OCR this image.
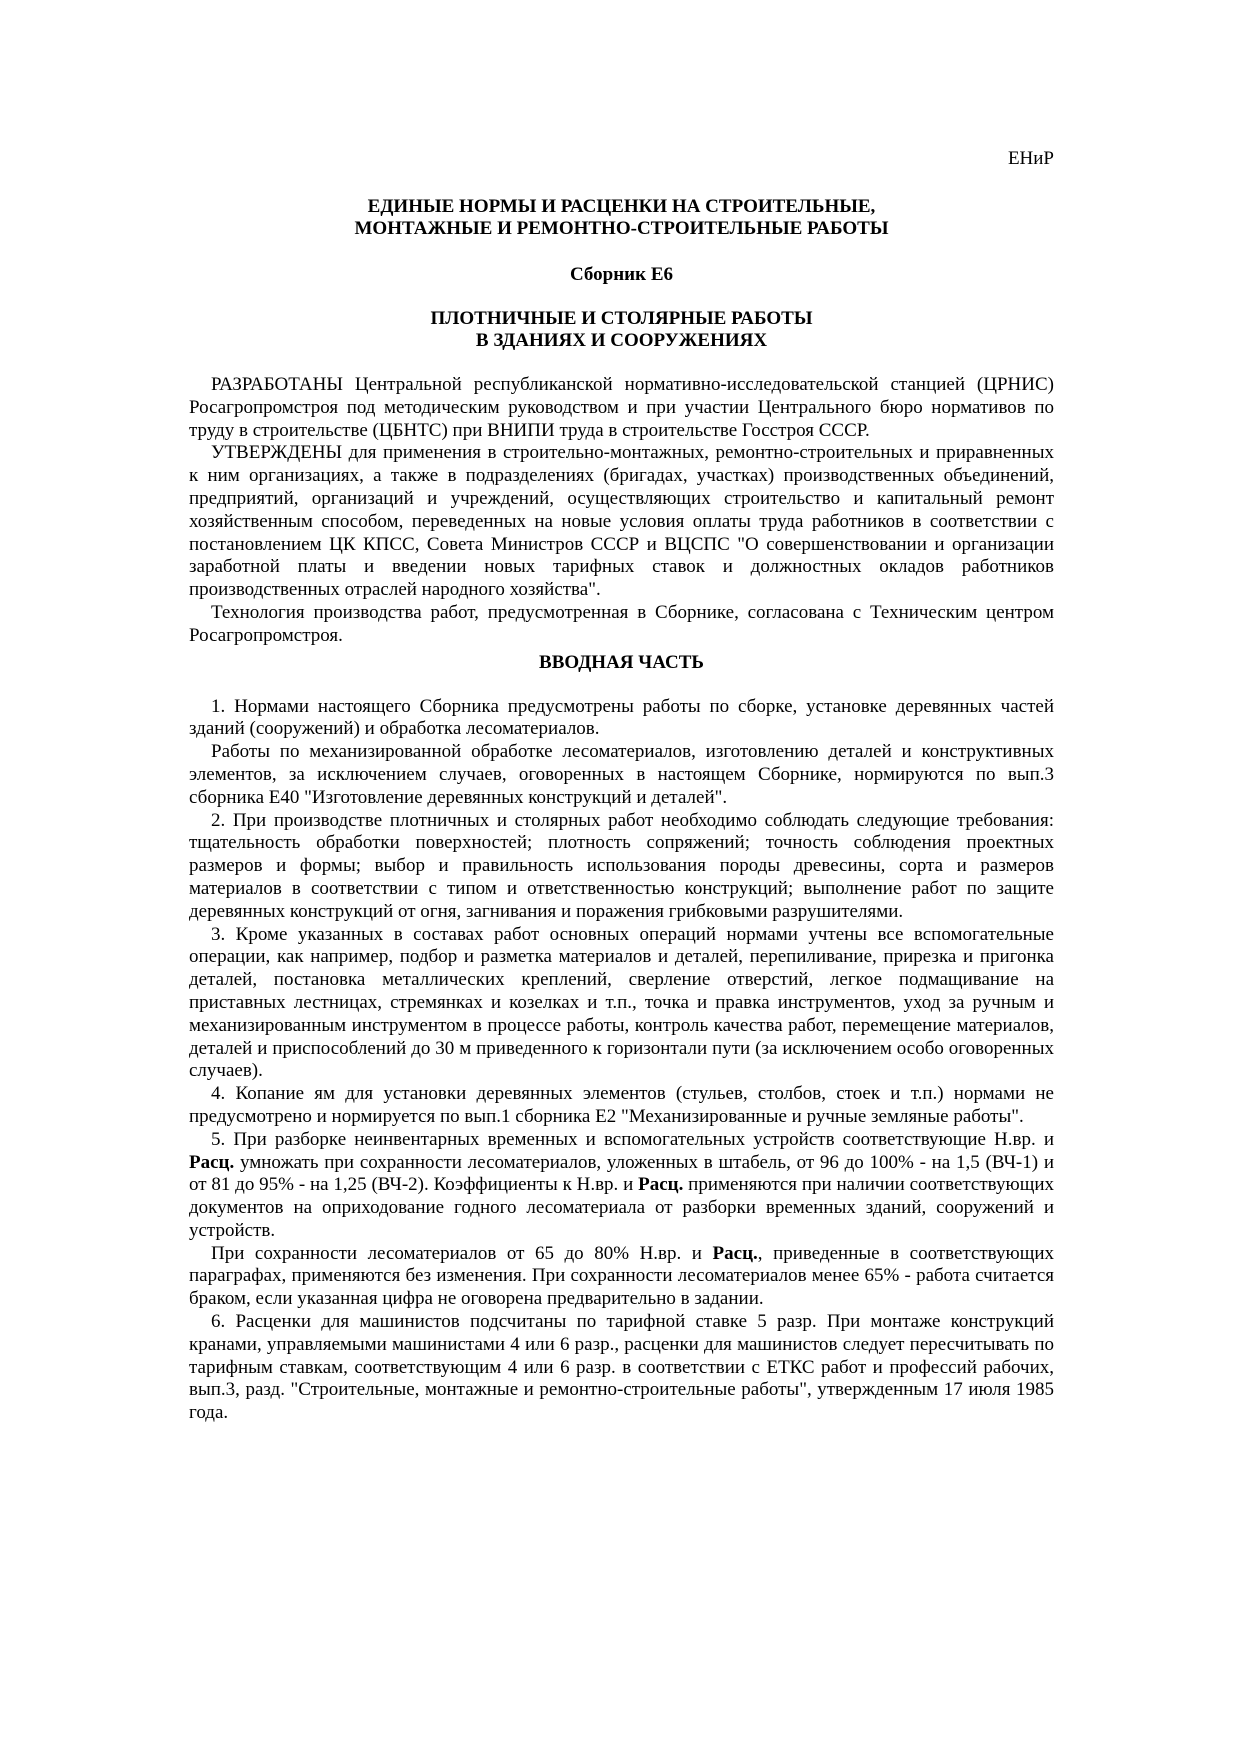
ЕНиР

ЕДИНЫЕ НОРМЫ И РАСЦЕНКИ НА СТРОИТЕЛЬНЫЕ,

МОНТАЖНЫЕ И РЕМОНТНО-СТРОИТЕЛЬНЫЕ РАБОТЫ

Сборник Е6

ПЛОТНИЧНЫЕ И СТОЛЯРНЫЕ РАБОТЫ

В ЗДАНИЯХ И СООРУЖЕНИЯХ

РАЗРАБОТАНЫ Центральной республиканской нормативно-исследовательской станцией (ЦРНИС) Росагропромстроя под методическим руководством и при участии Центрального бюро нормативов по труду в строительстве (ЦБНТС) при ВНИПИ труда в строительстве Госстроя СССР.

УТВЕРЖДЕНЫ для применения в строительно-монтажных, ремонтно-строительных и приравненных к ним организациях, а также в подразделениях (бригадах, участках) производственных объединений, предприятий, организаций и учреждений, осуществляющих строительство и капитальный ремонт хозяйственным способом, переведенных на новые условия оплаты труда работников в соответствии с постановлением ЦК КПСС, Совета Министров СССР и ВЦСПС "О совершенствовании и организации заработной платы и введении новых тарифных ставок и должностных окладов работников производственных отраслей народного хозяйства".

Технология производства работ, предусмотренная в Сборнике, согласована с Техническим центром Росагропромстроя.

ВВОДНАЯ ЧАСТЬ

1. Нормами настоящего Сборника предусмотрены работы по сборке, установке деревянных частей зданий (сооружений) и обработка лесоматериалов.

Работы по механизированной обработке лесоматериалов, изготовлению деталей и конструктивных элементов, за исключением случаев, оговоренных в настоящем Сборнике, нормируются по вып.3 сборника Е40 "Изготовление деревянных конструкций и деталей".

2. При производстве плотничных и столярных работ необходимо соблюдать следующие требования: тщательность обработки поверхностей; плотность сопряжений; точность соблюдения проектных размеров и формы; выбор и правильность использования породы древесины, сорта и размеров материалов в соответствии с типом и ответственностью конструкций; выполнение работ по защите деревянных конструкций от огня, загнивания и поражения грибковыми разрушителями.

3. Кроме указанных в составах работ основных операций нормами учтены все вспомогательные операции, как например, подбор и разметка материалов и деталей, перепиливание, прирезка и пригонка деталей, постановка металлических креплений, сверление отверстий, легкое подмащивание на приставных лестницах, стремянках и козелках и т.п., точка и правка инструментов, уход за ручным и механизированным инструментом в процессе работы, контроль качества работ, перемещение материалов, деталей и приспособлений до 30 м приведенного к горизонтали пути (за исключением особо оговоренных случаев).

4. Копание ям для установки деревянных элементов (стульев, столбов, стоек и т.п.) нормами не предусмотрено и нормируется по вып.1 сборника Е2 "Механизированные и ручные земляные работы".

5. При разборке неинвентарных временных и вспомогательных устройств соответствующие Н.вр. и Расц. умножать при сохранности лесоматериалов, уложенных в штабель, от 96 до 100% - на 1,5 (ВЧ-1) и от 81 до 95% - на 1,25 (ВЧ-2). Коэффициенты к Н.вр. и Расц. применяются при наличии соответствующих документов на оприходование годного лесоматериала от разборки временных зданий, сооружений и устройств.

При сохранности лесоматериалов от 65 до 80% Н.вр. и Расц., приведенные в соответствующих параграфах, применяются без изменения. При сохранности лесоматериалов менее 65% - работа считается браком, если указанная цифра не оговорена предварительно в задании.

6. Расценки для машинистов подсчитаны по тарифной ставке 5 разр. При монтаже конструкций кранами, управляемыми машинистами 4 или 6 разр., расценки для машинистов следует пересчитывать по тарифным ставкам, соответствующим 4 или 6 разр. в соответствии с ЕТКС работ и профессий рабочих, вып.3, разд. "Строительные, монтажные и ремонтно-строительные работы", утвержденным 17 июля 1985 года.
